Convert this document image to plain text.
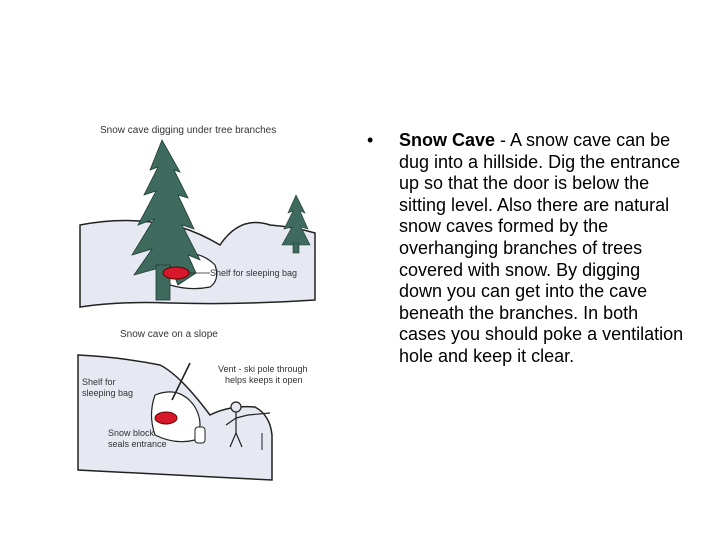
Snow cave digging under tree branches
Shelf for sleeping bag
Snow cave on a slope
Vent - ski pole through
helps keeps it open
Shelf for
sleeping bag
Snow block
seals entrance
•	Snow Cave - A snow cave can be dug into a hillside. Dig the entrance up so that the door is below the sitting level. Also there are natural snow caves formed by the overhanging branches of trees covered with snow. By digging down you can get into the cave beneath the branches. In both cases you should poke a ventilation hole and keep it clear.
